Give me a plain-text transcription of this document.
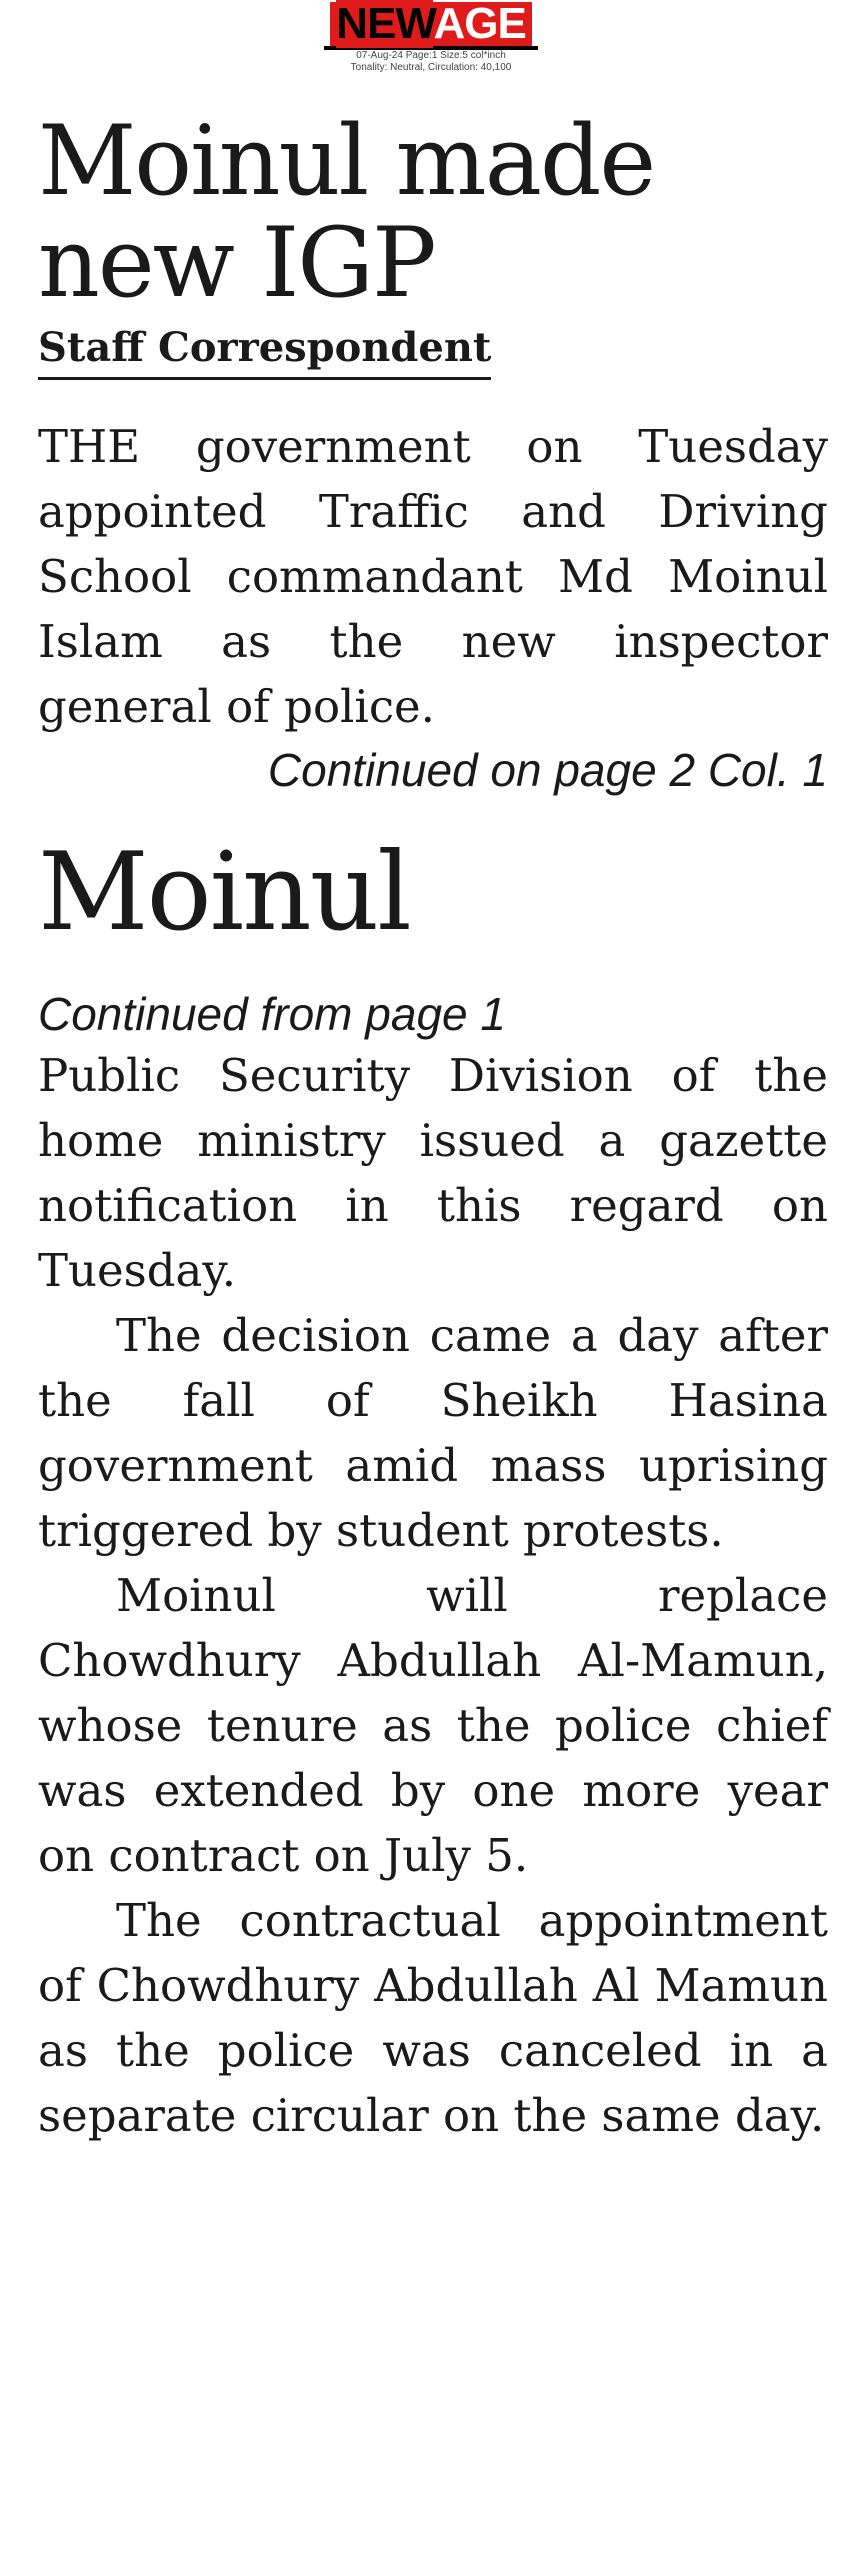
NEWAGE
07-Aug-24 Page:1 Size:5 col*inch
Tonality: Neutral, Circulation: 40,100
Moinul made
new IGP
Staff Correspondent

THE government on Tuesday appointed Traffic and Driving School commandant Md Moinul Islam as the new inspector general of police.

Continued on page 2 Col. 1
Moinul
Continued from page 1

Public Security Division of the home ministry issued a gazette notification in this regard on Tuesday.

The decision came a day after the fall of Sheikh Hasina government amid mass uprising triggered by student protests.

Moinul will replace Chowdhury Abdullah Al-Mamun, whose tenure as the police chief was extended by one more year on contract on July 5.

The contractual appointment of Chowdhury Abdullah Al Mamun as the police was canceled in a separate circular on the same day.
